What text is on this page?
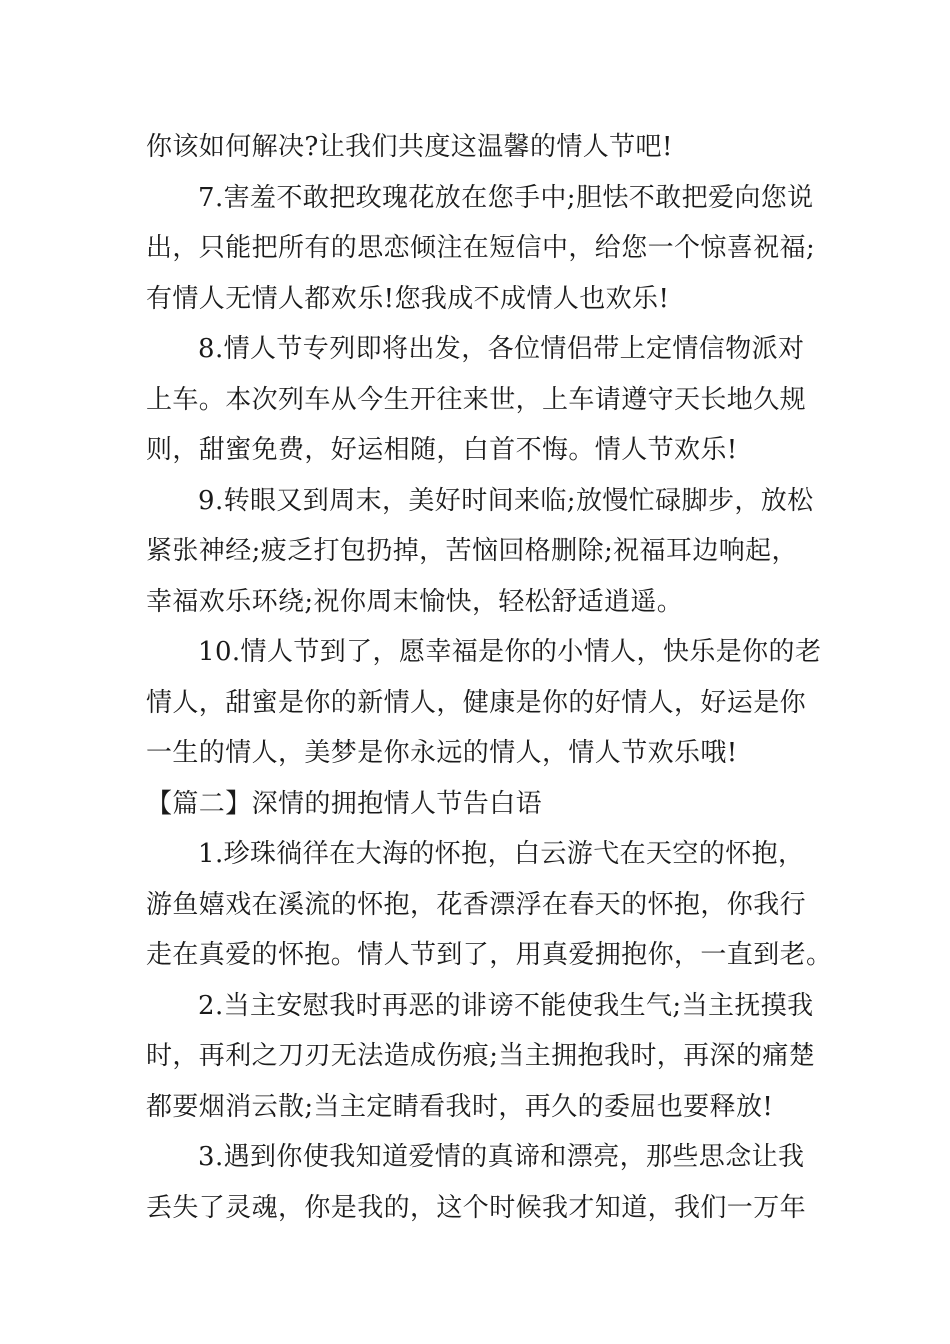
你该如何解决?让我们共度这温馨的情人节吧!
7.害羞不敢把玫瑰花放在您手中;胆怯不敢把爱向您说
出，只能把所有的思恋倾注在短信中，给您一个惊喜祝福;
有情人无情人都欢乐!您我成不成情人也欢乐!
8.情人节专列即将出发，各位情侣带上定情信物派对
上车。本次列车从今生开往来世，上车请遵守天长地久规
则，甜蜜免费，好运相随，白首不悔。情人节欢乐!
9.转眼又到周末，美好时间来临;放慢忙碌脚步，放松
紧张神经;疲乏打包扔掉，苦恼回格删除;祝福耳边响起，
幸福欢乐环绕;祝你周末愉快，轻松舒适逍遥。
10.情人节到了，愿幸福是你的小情人，快乐是你的老
情人，甜蜜是你的新情人，健康是你的好情人，好运是你
一生的情人，美梦是你永远的情人，情人节欢乐哦!
【篇二】深情的拥抱情人节告白语
1.珍珠徜徉在大海的怀抱，白云游弋在天空的怀抱，
游鱼嬉戏在溪流的怀抱，花香漂浮在春天的怀抱，你我行
走在真爱的怀抱。情人节到了，用真爱拥抱你，一直到老。
2.当主安慰我时再恶的诽谤不能使我生气;当主抚摸我
时，再利之刀刃无法造成伤痕;当主拥抱我时，再深的痛楚
都要烟消云散;当主定睛看我时，再久的委屈也要释放!
3.遇到你使我知道爱情的真谛和漂亮，那些思念让我
丢失了灵魂，你是我的，这个时候我才知道，我们一万年
